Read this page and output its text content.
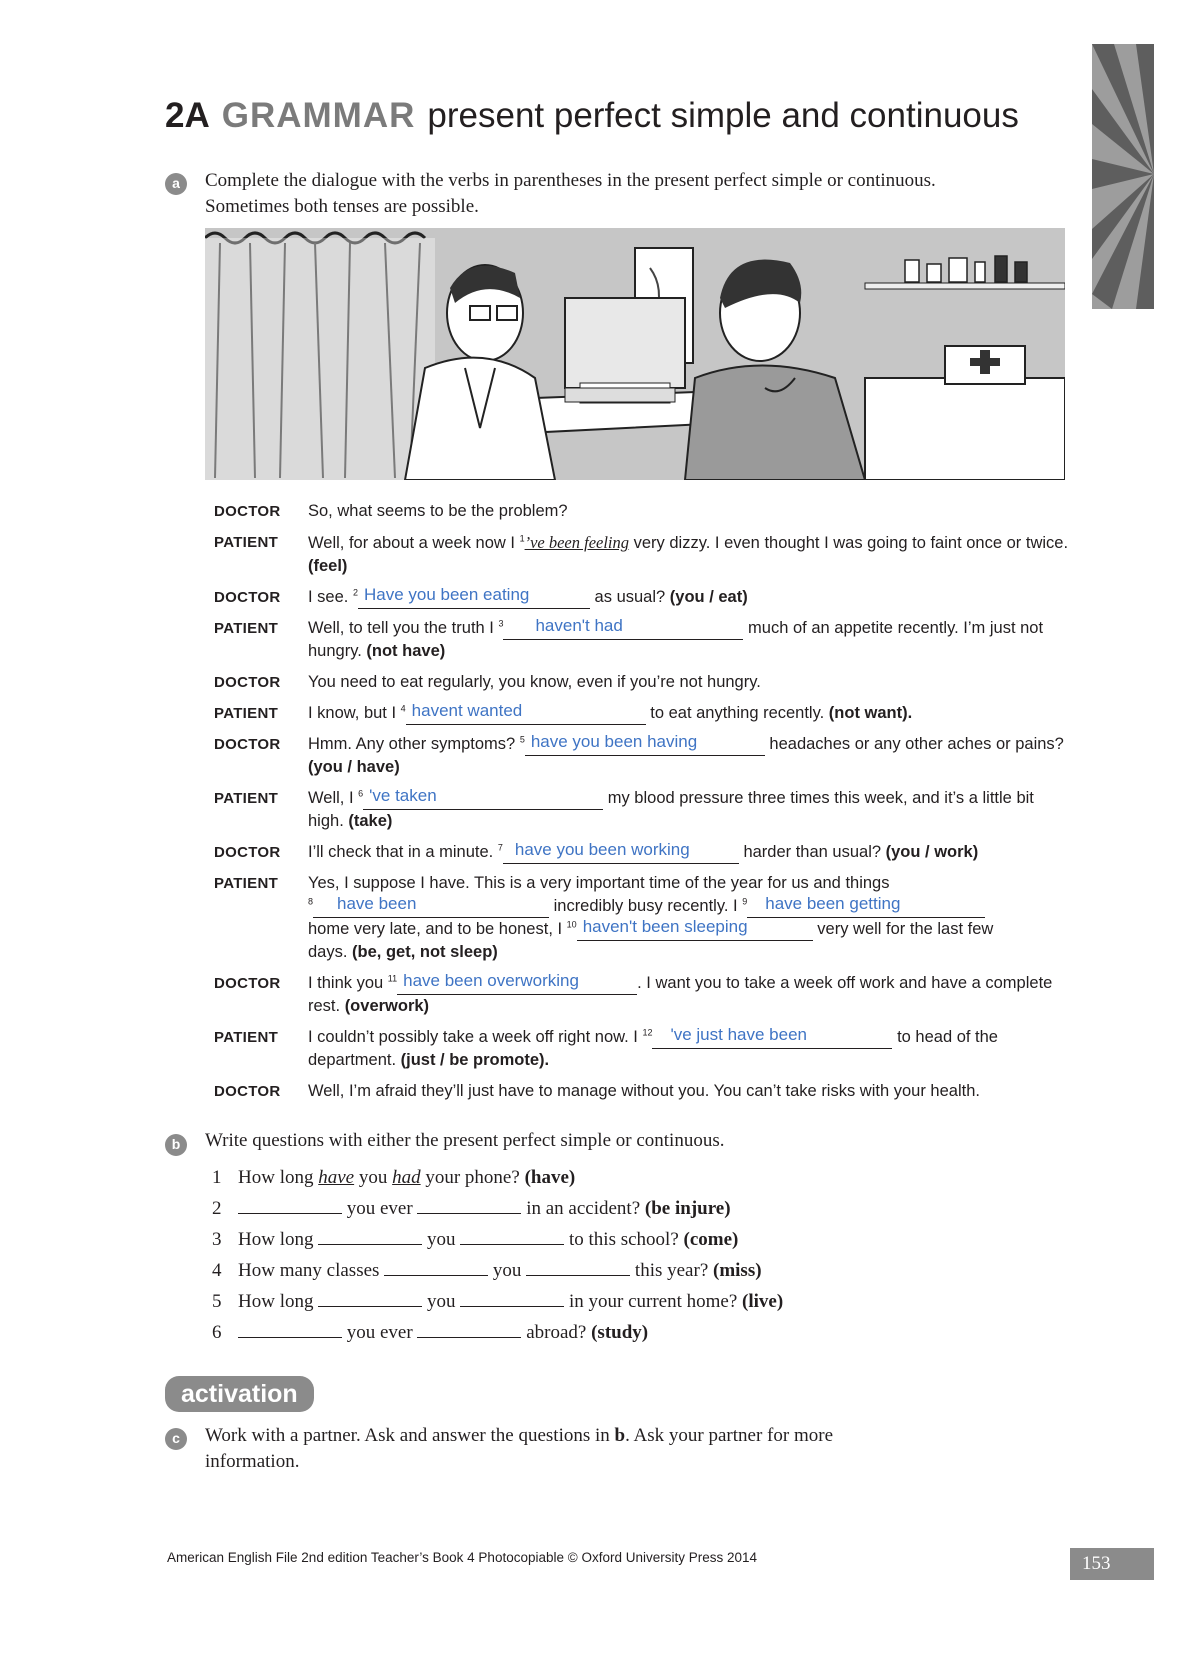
2A GRAMMAR present perfect simple and continuous
a	Complete the dialogue with the verbs in parentheses in the present perfect simple or continuous.
Sometimes both tenses are possible.
DOCTOR So, what seems to be the problem?
PATIENT Well, for about a week now I $^1$’ve been feeling very dizzy. I even thought I was going to faint once or twice. (feel)
DOCTOR I see. $^2$ Have you been eating	as usual? (you / eat)
PATIENT Well, to tell you the truth I $^3$ haven't had	much of an appetite recently. I’m just not hungry. (not have)
DOCTOR You need to eat regularly, you know, even if you’re not hungry.
PATIENT I know, but I $^4$ havent wanted	to eat anything recently. (not want).
DOCTOR Hmm. Any other symptoms? $^5$ have you been having	headaches or any other aches or pains? (you / have)
PATIENT Well, I $^6$ 've taken	my blood pressure three times this week, and it’s a little bit high. (take)
DOCTOR I’ll check that in a minute. $^7$ have you been working	harder than usual? (you / work)
PATIENT Yes, I suppose I have. This is a very important time of the year for us and things
$^8$ have been	incredibly busy recently. I $^9$ have been getting

home very late, and to be honest, I $^{10}$ haven't been sleeping	very well for the last few
days. (be, get, not sleep)
DOCTOR I think you $^{11}$ have been overworking	. I want you to take a week off work and have a complete rest. (overwork)
PATIENT I couldn’t possibly take a week off right now. I $^{12}$ 've just have been	to head of the department. (just / be promote).
DOCTOR Well, I’m afraid they’ll just have to manage without you. You can’t take risks with your health.
b	Write questions with either the present perfect simple or continuous.
1 How long have you had your phone? (have)
2	you ever	in an accident? (be injure)
3 How long	you	to this school? (come)
4 How many classes	you	this year? (miss)
5 How long	you	in your current home? (live)
6	you ever	abroad? (study)
activation
c	Work with a partner. Ask and answer the questions in b. Ask your partner for more
information.
American English File 2nd edition Teacher’s Book 4 Photocopiable © Oxford University Press 2014	153
